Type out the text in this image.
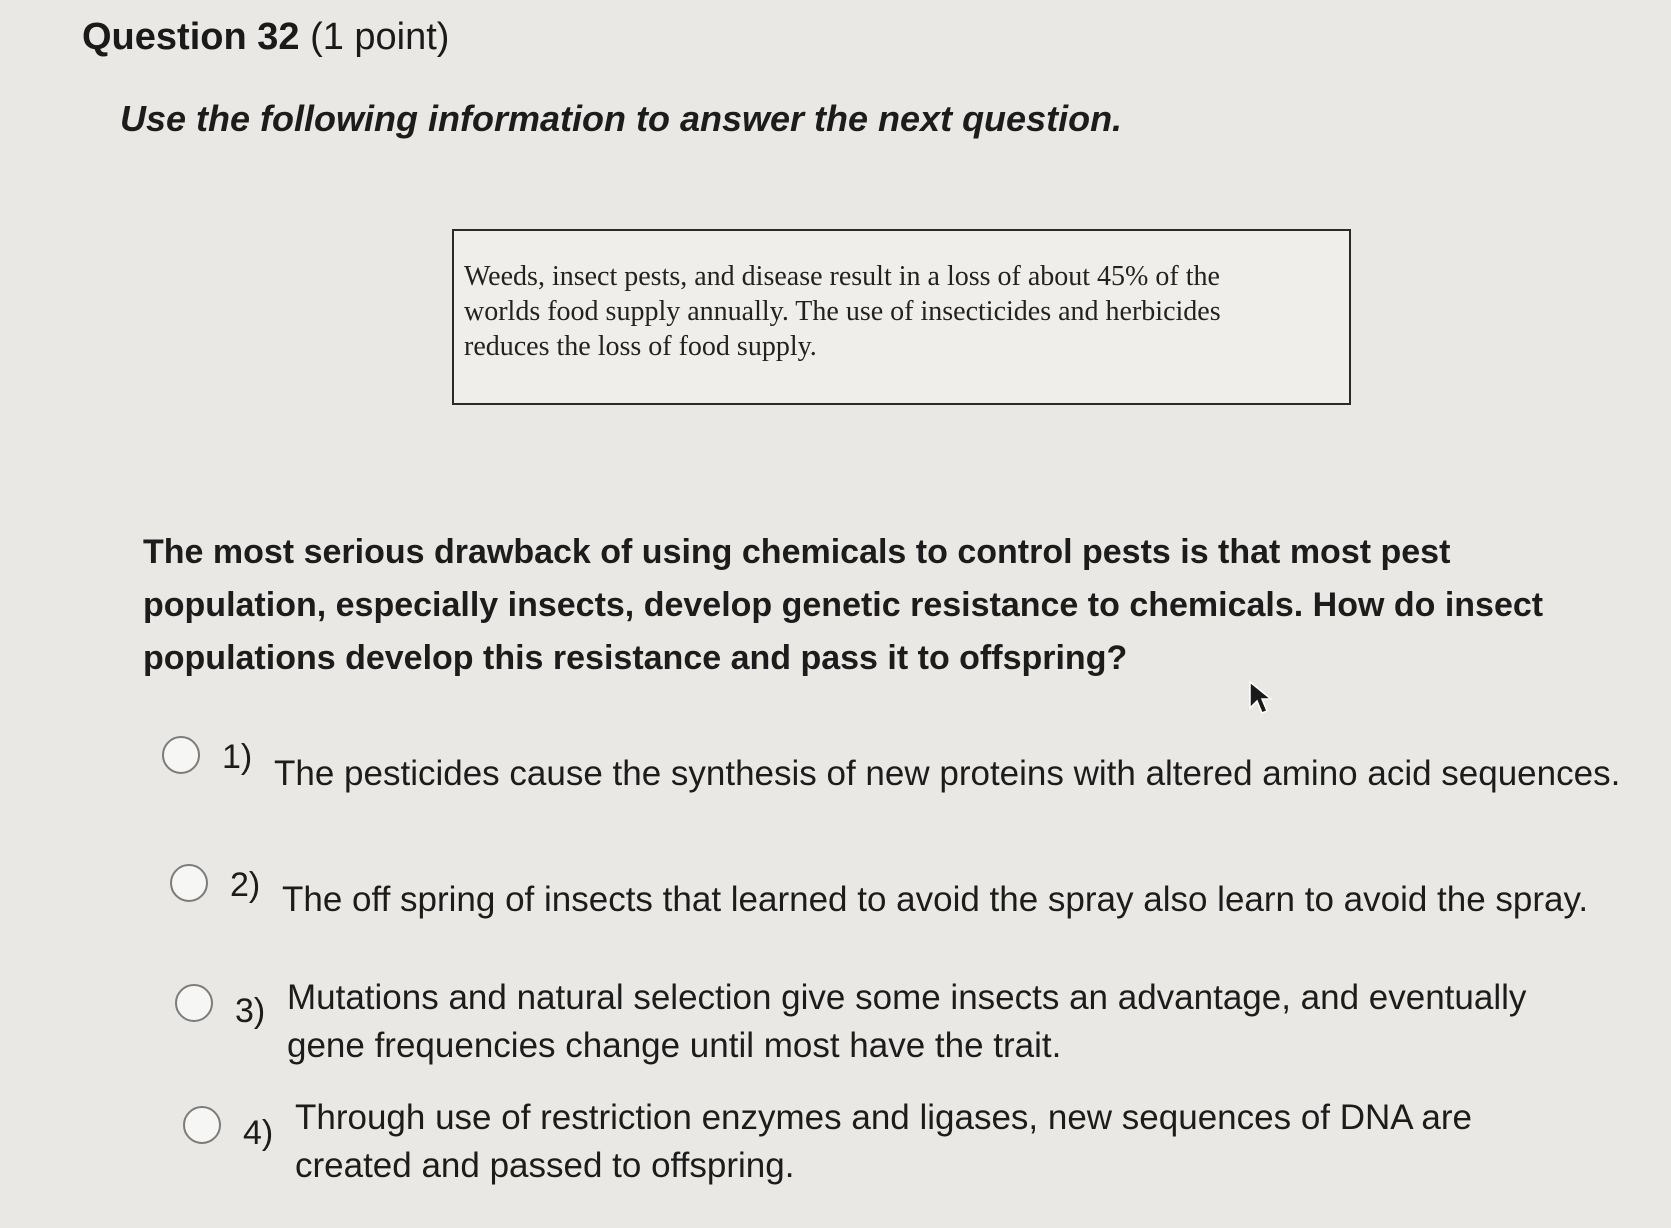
Question 32 (1 point)
Use the following information to answer the next question.
Weeds, insect pests, and disease result in a loss of about 45% of the worlds food supply annually. The use of insecticides and herbicides reduces the loss of food supply.
The most serious drawback of using chemicals to control pests is that most pest population, especially insects, develop genetic resistance to chemicals. How do insect populations develop this resistance and pass it to offspring?
1) The pesticides cause the synthesis of new proteins with altered amino acid sequences.
2) The off spring of insects that learned to avoid the spray also learn to avoid the spray.
3) Mutations and natural selection give some insects an advantage, and eventually gene frequencies change until most have the trait.
4) Through use of restriction enzymes and ligases, new sequences of DNA are created and passed to offspring.
